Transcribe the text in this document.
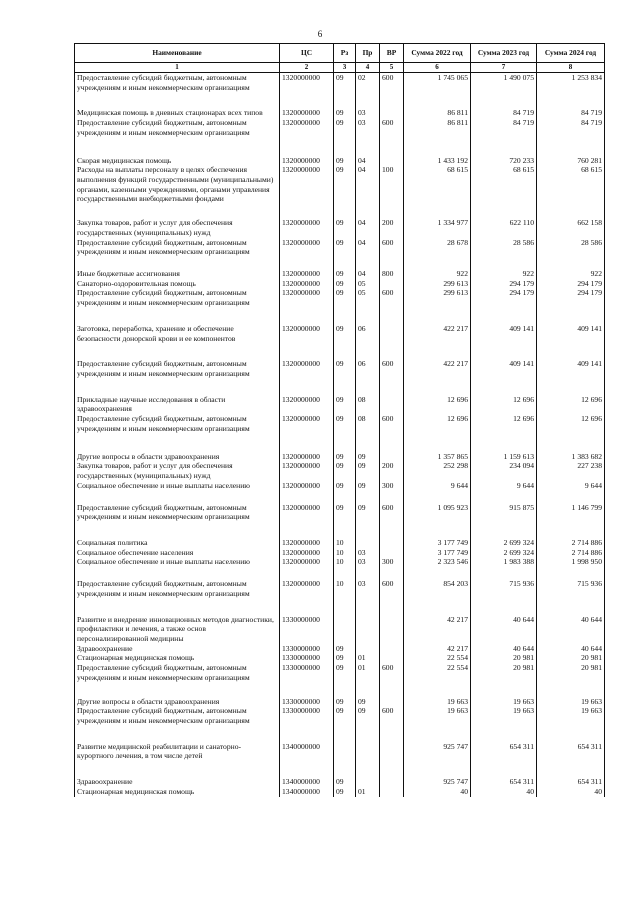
6
Наименование	ЦС	Рз	Пр	ВР	Сумма 2022 год	Сумма 2023 год	Сумма 2024 год
1	2	3	4	5	6	7	8
Предоставление субсидий бюджетным, автономным учреждениям и иным некоммерческим организациям	1320000000	09	02	600	1 745 065	1 490 075	1 253 834

Медицинская помощь в дневных стационарах всех типов	1320000000	09	03		86 811	84 719	84 719
Предоставление субсидий бюджетным, автономным учреждениям и иным некоммерческим организациям	1320000000	09	03	600	86 811	84 719	84 719

Скорая медицинская помощь	1320000000	09	04		1 433 192	720 233	760 281
Расходы на выплаты персоналу в целях обеспечения выполнения функций государственными (муниципальными) органами, казенными учреждениями, органами управления государственными внебюджетными фондами	1320000000	09	04	100	68 615	68 615	68 615

Закупка товаров, работ и услуг для обеспечения государственных (муниципальных) нужд	1320000000	09	04	200	1 334 977	622 110	662 158
Предоставление субсидий бюджетным, автономным учреждениям и иным некоммерческим организациям	1320000000	09	04	600	28 678	28 586	28 586

Иные бюджетные ассигнования	1320000000	09	04	800	922	922	922
Санаторно-оздоровительная помощь	1320000000	09	05		299 613	294 179	294 179
Предоставление субсидий бюджетным, автономным учреждениям и иным некоммерческим организациям	1320000000	09	05	600	299 613	294 179	294 179

Заготовка, переработка, хранение и обеспечение безопасности донорской крови и ее компонентов	1320000000	09	06		422 217	409 141	409 141

Предоставление субсидий бюджетным, автономным учреждениям и иным некоммерческим организациям	1320000000	09	06	600	422 217	409 141	409 141

Прикладные научные исследования в области здравоохранения	1320000000	09	08		12 696	12 696	12 696
Предоставление субсидий бюджетным, автономным учреждениям и иным некоммерческим организациям	1320000000	09	08	600	12 696	12 696	12 696

Другие вопросы в области здравоохранения	1320000000	09	09		1 357 865	1 159 613	1 383 682
Закупка товаров, работ и услуг для обеспечения государственных (муниципальных) нужд	1320000000	09	09	200	252 298	234 094	227 238
Социальное обеспечение и иные выплаты населению	1320000000	09	09	300	9 644	9 644	9 644

Предоставление субсидий бюджетным, автономным учреждениям и иным некоммерческим организациям	1320000000	09	09	600	1 095 923	915 875	1 146 799

Социальная политика	1320000000	10			3 177 749	2 699 324	2 714 886
Социальное обеспечение населения	1320000000	10	03		3 177 749	2 699 324	2 714 886
Социальное обеспечение и иные выплаты населению	1320000000	10	03	300	2 323 546	1 983 388	1 998 950

Предоставление субсидий бюджетным, автономным учреждениям и иным некоммерческим организациям	1320000000	10	03	600	854 203	715 936	715 936

Развитие и внедрение инновационных методов диагностики, профилактики и лечения, а также основ персонализированной медицины	1330000000				42 217	40 644	40 644
Здравоохранение	1330000000	09			42 217	40 644	40 644
Стационарная медицинская помощь	1330000000	09	01		22 554	20 981	20 981
Предоставление субсидий бюджетным, автономным учреждениям и иным некоммерческим организациям	1330000000	09	01	600	22 554	20 981	20 981

Другие вопросы в области здравоохранения	1330000000	09	09		19 663	19 663	19 663
Предоставление субсидий бюджетным, автономным учреждениям и иным некоммерческим организациям	1330000000	09	09	600	19 663	19 663	19 663

Развитие медицинской реабилитации и санаторно-курортного лечения, в том числе детей	1340000000				925 747	654 311	654 311

Здравоохранение	1340000000	09			925 747	654 311	654 311
Стационарная медицинская помощь	1340000000	09	01		40	40	40
